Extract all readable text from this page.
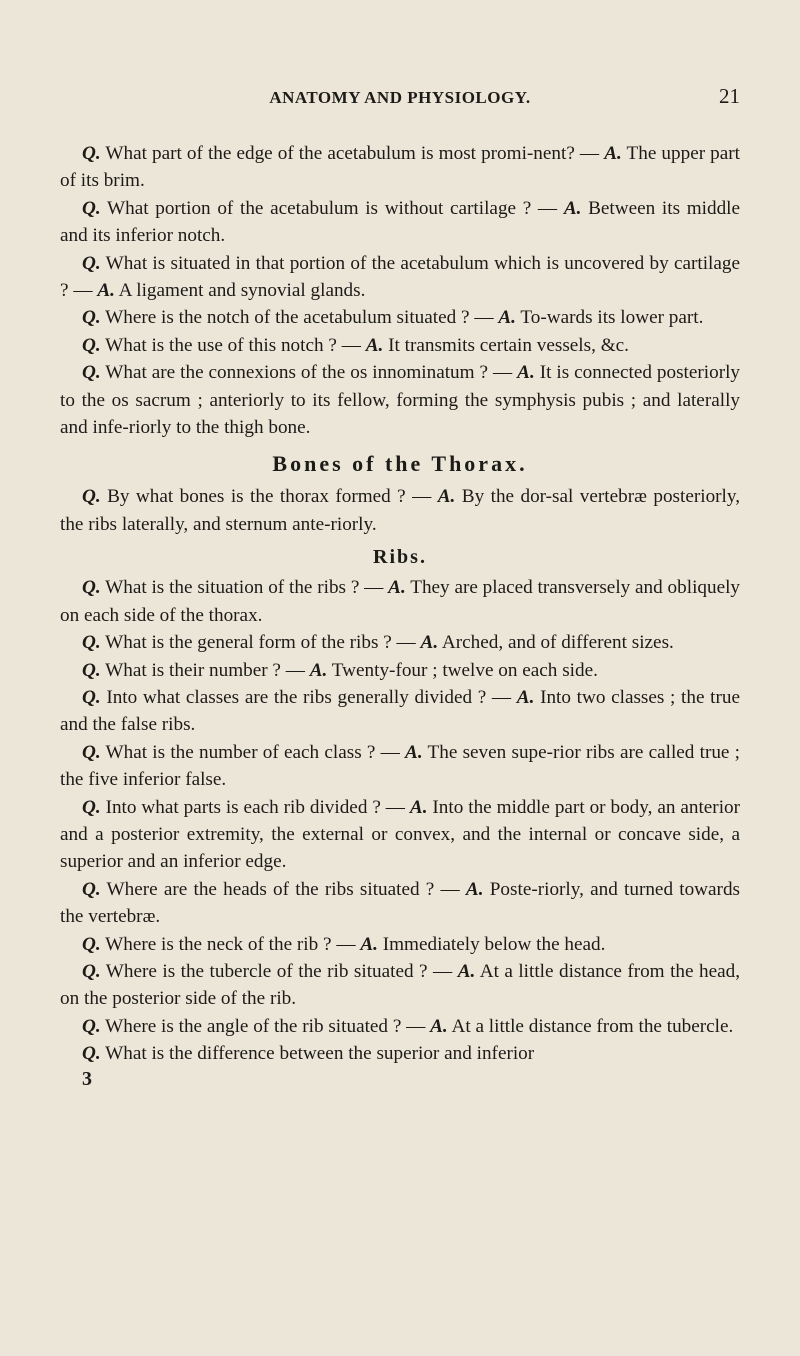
ANATOMY AND PHYSIOLOGY.	21

Q. What part of the edge of the acetabulum is most promi-nent? — A. The upper part of its brim.

Q. What portion of the acetabulum is without cartilage ? — A. Between its middle and its inferior notch.

Q. What is situated in that portion of the acetabulum which is uncovered by cartilage ? — A. A ligament and synovial glands.

Q. Where is the notch of the acetabulum situated ? — A. To-wards its lower part.

Q. What is the use of this notch ? — A. It transmits certain vessels, &c.

Q. What are the connexions of the os innominatum ? — A. It is connected posteriorly to the os sacrum ; anteriorly to its fellow, forming the symphysis pubis ; and laterally and infe-riorly to the thigh bone.

Bones of the Thorax.

Q. By what bones is the thorax formed ? — A. By the dor-sal vertebræ posteriorly, the ribs laterally, and sternum ante-riorly.

Ribs.

Q. What is the situation of the ribs ? — A. They are placed transversely and obliquely on each side of the thorax.

Q. What is the general form of the ribs ? — A. Arched, and of different sizes.

Q. What is their number ? — A. Twenty-four ; twelve on each side.

Q. Into what classes are the ribs generally divided ? — A. Into two classes ; the true and the false ribs.

Q. What is the number of each class ? — A. The seven supe-rior ribs are called true ; the five inferior false.

Q. Into what parts is each rib divided ? — A. Into the middle part or body, an anterior and a posterior extremity, the external or convex, and the internal or concave side, a superior and an inferior edge.

Q. Where are the heads of the ribs situated ? — A. Poste-riorly, and turned towards the vertebræ.

Q. Where is the neck of the rib ? — A. Immediately below the head.

Q. Where is the tubercle of the rib situated ? — A. At a little distance from the head, on the posterior side of the rib.

Q. Where is the angle of the rib situated ? — A. At a little distance from the tubercle.

Q. What is the difference between the superior and inferior

3
